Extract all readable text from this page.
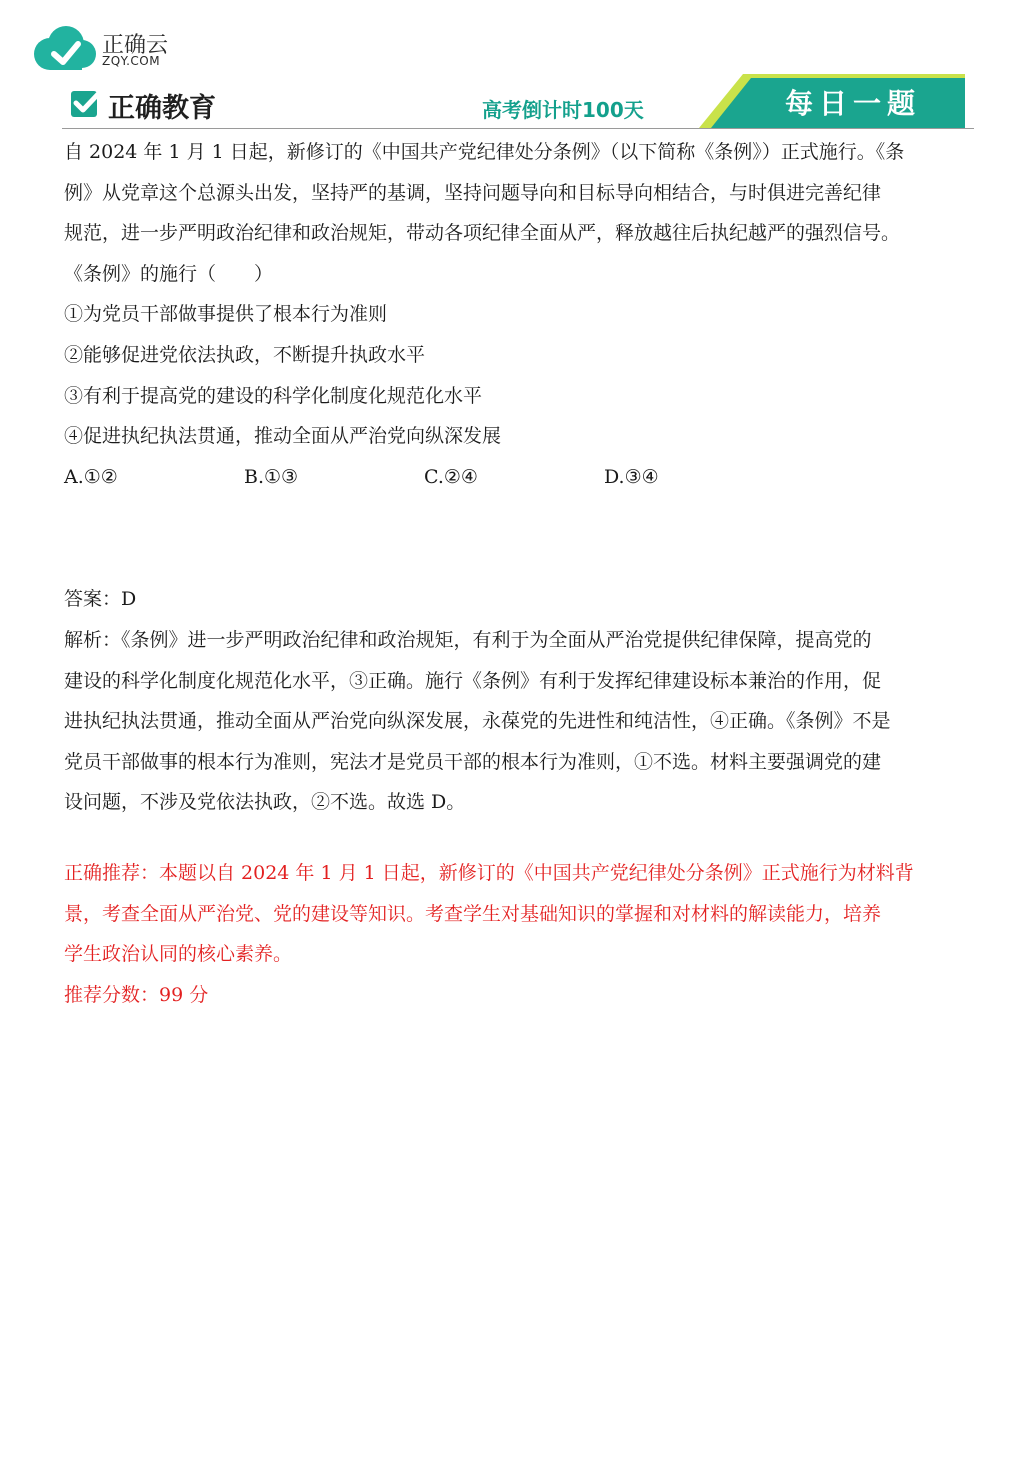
正确云
ZQY.COM
正确教育	高考倒计时100天	每日一题

自 2024 年 1 月 1 日起，新修订的《中国共产党纪律处分条例》（以下简称《条例》）正式施行。《条

例》从党章这个总源头出发，坚持严的基调，坚持问题导向和目标导向相结合，与时俱进完善纪律

规范，进一步严明政治纪律和政治规矩，带动各项纪律全面从严，释放越往后执纪越严的强烈信号。

《条例》的施行（　　）

①为党员干部做事提供了根本行为准则

②能够促进党依法执政，不断提升执政水平

③有利于提高党的建设的科学化制度化规范化水平

④促进执纪执法贯通，推动全面从严治党向纵深发展

A.①②	B.①③	C.②④	D.③④

答案：D

解析：《条例》进一步严明政治纪律和政治规矩，有利于为全面从严治党提供纪律保障，提高党的

建设的科学化制度化规范化水平，③正确。施行《条例》有利于发挥纪律建设标本兼治的作用，促

进执纪执法贯通，推动全面从严治党向纵深发展，永葆党的先进性和纯洁性，④正确。《条例》不是

党员干部做事的根本行为准则，宪法才是党员干部的根本行为准则，①不选。材料主要强调党的建

设问题，不涉及党依法执政，②不选。故选 D。

正确推荐：本题以自 2024 年 1 月 1 日起，新修订的《中国共产党纪律处分条例》正式施行为材料背

景，考查全面从严治党、党的建设等知识。考查学生对基础知识的掌握和对材料的解读能力，培养

学生政治认同的核心素养。

推荐分数：99 分
